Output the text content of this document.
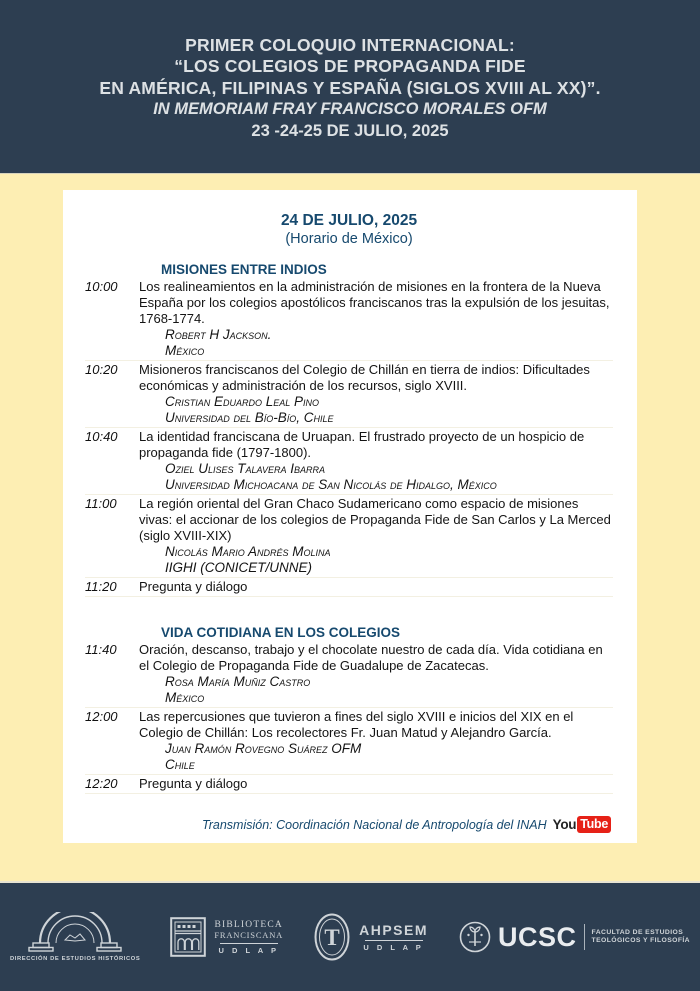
PRIMER COLOQUIO INTERNACIONAL:
“LOS COLEGIOS DE PROPAGANDA FIDE
EN AMÉRICA, FILIPINAS Y ESPAÑA (SIGLOS XVIII AL XX)”.
IN MEMORIAM FRAY FRANCISCO MORALES OFM
23 -24-25 DE JULIO, 2025
24 DE JULIO, 2025
(Horario de México)
MISIONES ENTRE INDIOS
10:00	Los realineamientos en la administración de misiones en la frontera de la Nueva España por los colegios apostólicos franciscanos tras la expulsión de los jesuitas, 1768-1774.
Robert H Jackson.
México
10:20	Misioneros franciscanos del Colegio de Chillán en tierra de indios: Dificultades económicas y administración de los recursos, siglo XVIII.
Cristian Eduardo Leal Pino
Universidad del Bío-Bío, Chile
10:40	La identidad franciscana de Uruapan. El frustrado proyecto de un hospicio de propaganda fide (1797-1800).
Oziel Ulises Talavera Ibarra
Universidad Michoacana de San Nicolás de Hidalgo, México
11:00	La región oriental del Gran Chaco Sudamericano como espacio de misiones vivas: el accionar de los colegios de Propaganda Fide de San Carlos y La Merced (siglo XVIII-XIX)
Nicolás Mario Andrés Molina
IIGHI (CONICET/UNNE)
11:20	Pregunta y diálogo
VIDA COTIDIANA EN LOS COLEGIOS
11:40	Oración, descanso, trabajo y el chocolate nuestro de cada día. Vida cotidiana en el Colegio de Propaganda Fide de Guadalupe de Zacatecas.
Rosa María Muñiz Castro
México
12:00	Las repercusiones que tuvieron a fines del siglo XVIII e inicios del XIX en el Colegio de Chillán: Los recolectores Fr. Juan Matud y Alejandro García.
Juan Ramón Rovegno Suárez OFM
Chile
12:20	Pregunta y diálogo
Transmisión: Coordinación Nacional de Antropología del INAH You Tube
DIRECCIÓN DE ESTUDIOS HISTÓRICOS
BIBLIOTECA
FRANCISCANA
U D L A P T AHPSEM
U D L A P	UCSC FACULTAD DE ESTUDIOS
TEOLÓGICOS Y FILOSOFÍA
